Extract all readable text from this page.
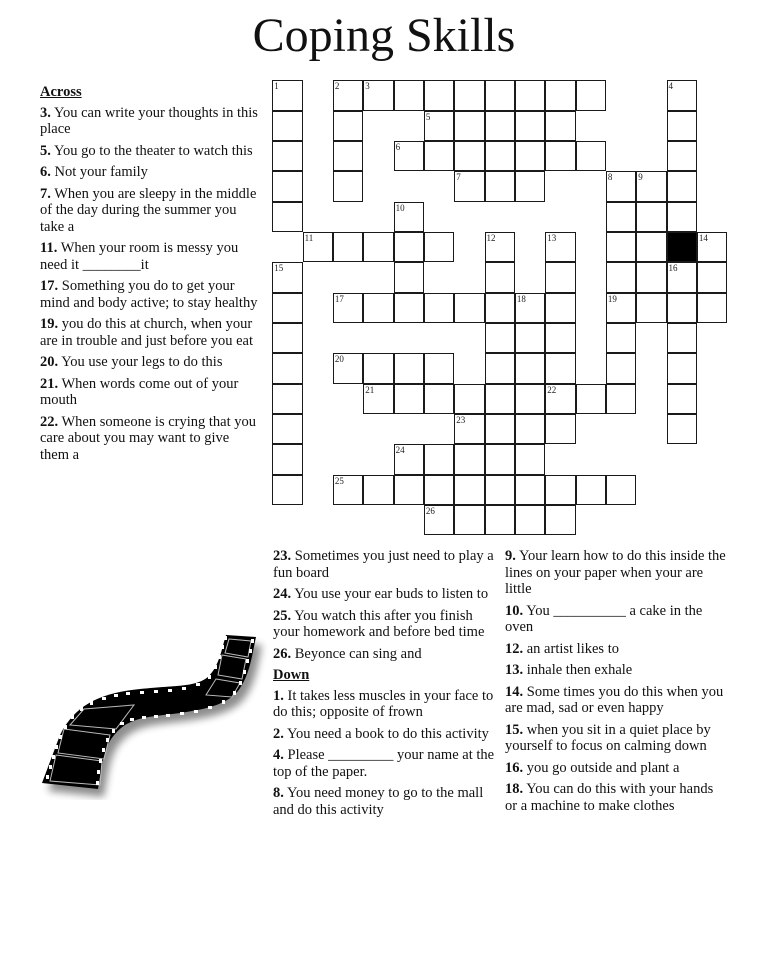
Coping Skills
Across
3. You can write your thoughts in this place
5. You go to the theater to watch this
6. Not your family
7. When you are sleepy in the middle of the day during the summer you take a
11. When your room is messy you need it ________it
17. Something you do to get your mind and body active; to stay healthy
19. you do this at church, when your are in trouble and just before you eat
20. You use your legs to do this
21. When words come out of your mouth
22. When someone is crying that you care about you may want to give them a
1	2	3	4
5
6
7	8	9
10
11	12	13	14
15	16
17	18	19
20
21	22
23
24
25
26
23. Sometimes you just need to play a fun board
24. You use your ear buds to listen to
25. You watch this after you finish your homework and before bed time
26. Beyonce can sing and
Down
1. It takes less muscles in your face to do this; opposite of frown
2. You need a book to do this activity
4. Please _________ your name at the top of the paper.
8. You need money to go to the mall and do this activity
9. Your learn how to do this inside the lines on your paper when your are little
10. You __________ a cake in the oven
12. an artist likes to
13. inhale then exhale
14. Some times you do this when you are mad, sad or even happy
15. when you sit in a quiet place by yourself to focus on calming down
16. you go outside and plant a
18. You can do this with your hands or a machine to make clothes
